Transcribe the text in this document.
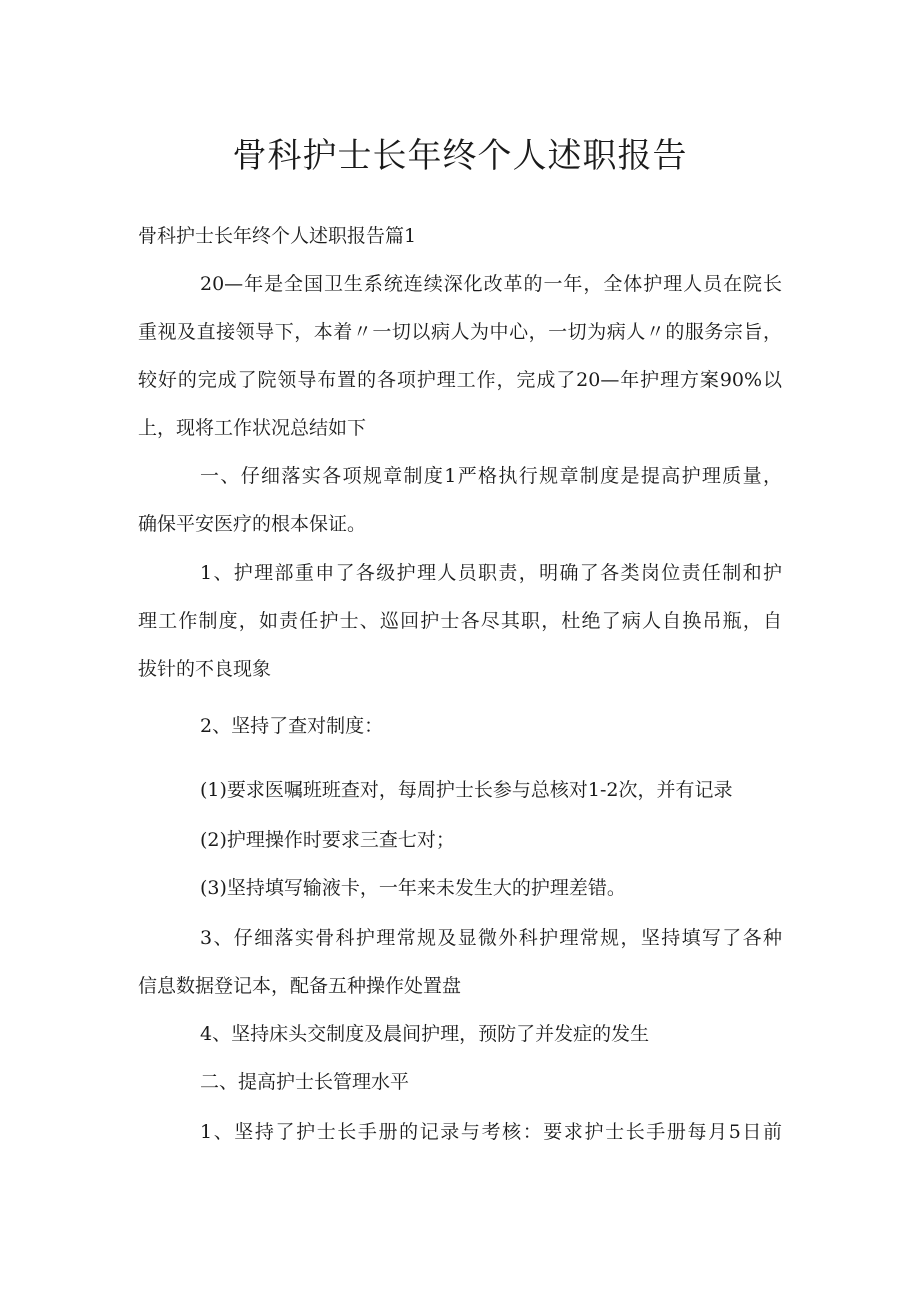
骨科护士长年终个人述职报告

骨科护士长年终个人述职报告篇1

20—年是全国卫生系统连续深化改革的一年，全体护理人员在院长

重视及直接领导下，本着〃一切以病人为中心，一切为病人〃的服务宗旨，

较好的完成了院领导布置的各项护理工作，完成了20—年护理方案90%以

上，现将工作状况总结如下

一、仔细落实各项规章制度1严格执行规章制度是提高护理质量，

确保平安医疗的根本保证。

1、护理部重申了各级护理人员职责，明确了各类岗位责任制和护

理工作制度，如责任护士、巡回护士各尽其职，杜绝了病人自换吊瓶，自

拔针的不良现象

2、坚持了查对制度：

(1)要求医嘱班班查对，每周护士长参与总核对1-2次，并有记录

(2)护理操作时要求三查七对；

(3)坚持填写输液卡，一年来未发生大的护理差错。

3、仔细落实骨科护理常规及显微外科护理常规，坚持填写了各种

信息数据登记本，配备五种操作处置盘

4、坚持床头交制度及晨间护理，预防了并发症的发生

二、提高护士长管理水平

1、坚持了护士长手册的记录与考核：要求护士长手册每月5日前
